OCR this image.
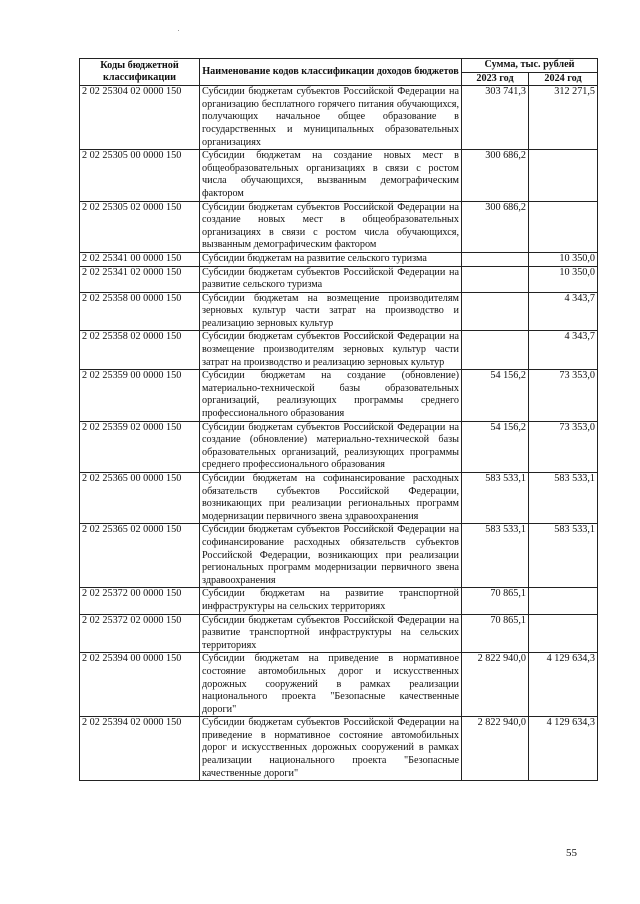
Коды бюджетной классификации	Наименование кодов классификации доходов бюджетов	Сумма, тыс. рублей	
		2023 год	2024 год
2 02 25304 02 0000 150	Субсидии бюджетам субъектов Российской Федерации на организацию бесплатного горячего питания обучающихся, получающих начальное общее образование в государственных и муниципальных образовательных организациях	303 741,3	312 271,5
2 02 25305 00 0000 150	Субсидии бюджетам на создание новых мест в общеобразовательных организациях в связи с ростом числа обучающихся, вызванным демографическим фактором	300 686,2	
2 02 25305 02 0000 150	Субсидии бюджетам субъектов Российской Федерации на создание новых мест в общеобразовательных организациях в связи с ростом числа обучающихся, вызванным демографическим фактором	300 686,2	
2 02 25341 00 0000 150	Субсидии бюджетам на развитие сельского туризма		10 350,0
2 02 25341 02 0000 150	Субсидии бюджетам субъектов Российской Федерации на развитие сельского туризма		10 350,0
2 02 25358 00 0000 150	Субсидии бюджетам на возмещение производителям зерновых культур части затрат на производство и реализацию зерновых культур		4 343,7
2 02 25358 02 0000 150	Субсидии бюджетам субъектов Российской Федерации на возмещение производителям зерновых культур части затрат на производство и реализацию зерновых культур		4 343,7
2 02 25359 00 0000 150	Субсидии бюджетам на создание (обновление) материально-технической базы образовательных организаций, реализующих программы среднего профессионального образования	54 156,2	73 353,0
2 02 25359 02 0000 150	Субсидии бюджетам субъектов Российской Федерации на создание (обновление) материально-технической базы образовательных организаций, реализующих программы среднего профессионального образования	54 156,2	73 353,0
2 02 25365 00 0000 150	Субсидии бюджетам на софинансирование расходных обязательств субъектов Российской Федерации, возникающих при реализации региональных программ модернизации первичного звена здравоохранения	583 533,1	583 533,1
2 02 25365 02 0000 150	Субсидии бюджетам субъектов Российской Федерации на софинансирование расходных обязательств субъектов Российской Федерации, возникающих при реализации региональных программ модернизации первичного звена здравоохранения	583 533,1	583 533,1
2 02 25372 00 0000 150	Субсидии бюджетам на развитие транспортной инфраструктуры на сельских территориях	70 865,1	
2 02 25372 02 0000 150	Субсидии бюджетам субъектов Российской Федерации на развитие транспортной инфраструктуры на сельских территориях	70 865,1	
2 02 25394 00 0000 150	Субсидии бюджетам на приведение в нормативное состояние автомобильных дорог и искусственных дорожных сооружений в рамках реализации национального проекта "Безопасные качественные дороги"	2 822 940,0	4 129 634,3
2 02 25394 02 0000 150	Субсидии бюджетам субъектов Российской Федерации на приведение в нормативное состояние автомобильных дорог и искусственных дорожных сооружений в рамках реализации национального проекта "Безопасные качественные дороги"	2 822 940,0	4 129 634,3
55
